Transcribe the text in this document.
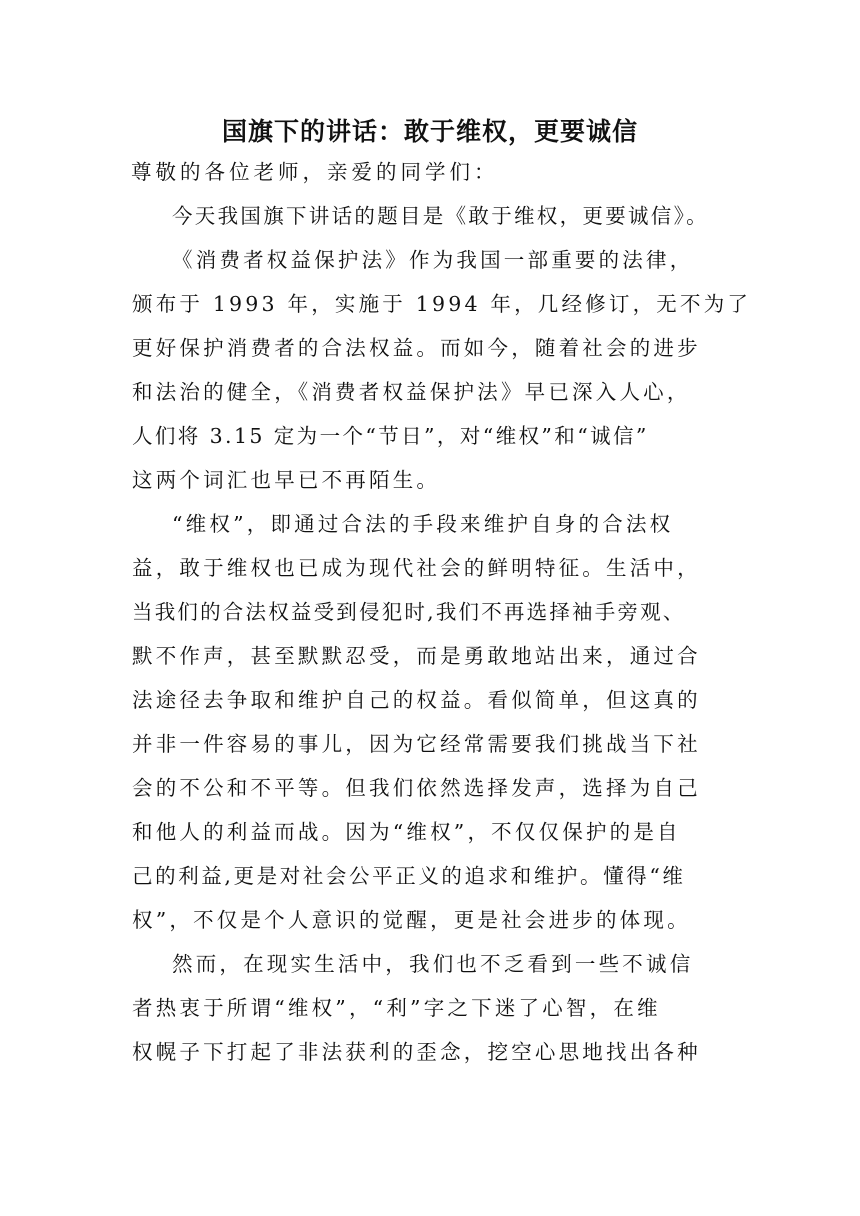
国旗下的讲话：敢于维权，更要诚信
尊敬的各位老师，亲爱的同学们：
今天我国旗下讲话的题目是《敢于维权，更要诚信》。
《消费者权益保护法》作为我国一部重要的法律，
颁布于 1993 年，实施于 1994 年，几经修订，无不为了
更好保护消费者的合法权益。而如今，随着社会的进步
和法治的健全，《消费者权益保护法》早已深入人心，
人们将 3.15 定为一个“节日”，对“维权”和“诚信”
这两个词汇也早已不再陌生。
“维权”，即通过合法的手段来维护自身的合法权
益，敢于维权也已成为现代社会的鲜明特征。生活中，
当我们的合法权益受到侵犯时,我们不再选择袖手旁观、
默不作声，甚至默默忍受，而是勇敢地站出来，通过合
法途径去争取和维护自己的权益。看似简单，但这真的
并非一件容易的事儿，因为它经常需要我们挑战当下社
会的不公和不平等。但我们依然选择发声，选择为自己
和他人的利益而战。因为“维权”，不仅仅保护的是自
己的利益,更是对社会公平正义的追求和维护。懂得“维
权”，不仅是个人意识的觉醒，更是社会进步的体现。
然而，在现实生活中，我们也不乏看到一些不诚信
者热衷于所谓“维权”，“利”字之下迷了心智，在维
权幌子下打起了非法获利的歪念，挖空心思地找出各种
